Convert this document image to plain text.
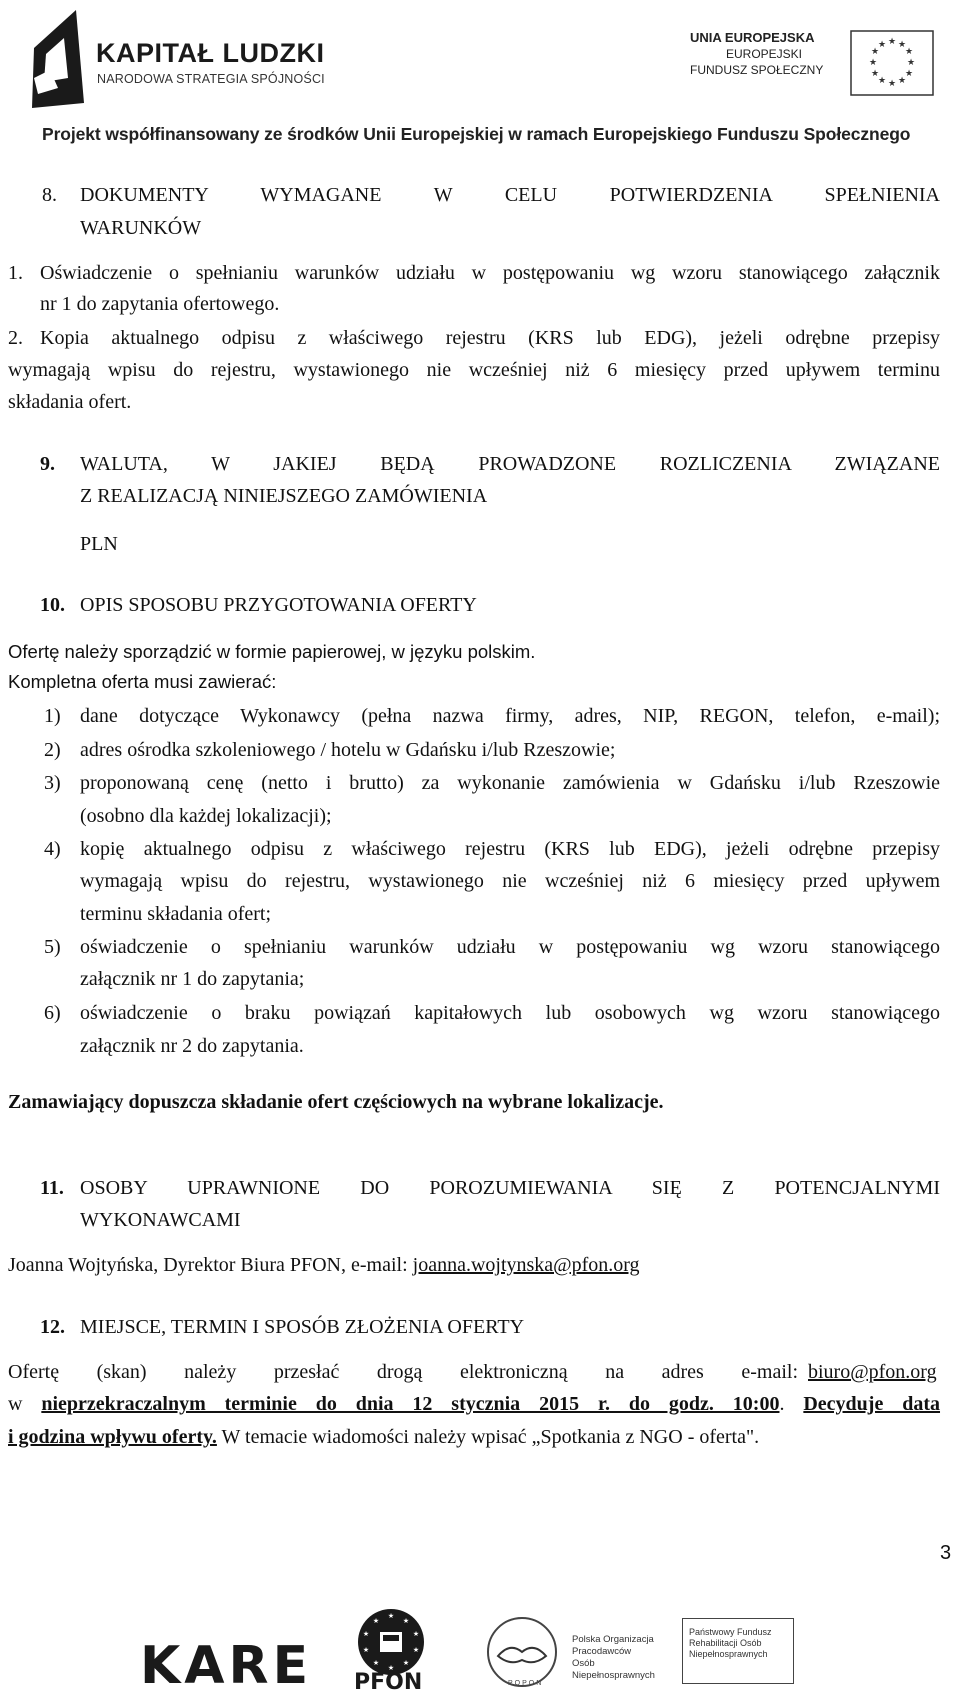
KAPITAŁ LUDZKI
NARODOWA STRATEGIA SPÓJNOŚCI
UNIA EUROPEJSKA
EUROPEJSKI
FUNDUSZ SPOŁECZNY
★ ★
★
★
★
★
★
★
★
★
★
★
Projekt współfinansowany ze środków Unii Europejskiej w ramach Europejskiego Funduszu Społecznego
8. DOKUMENTY WYMAGANE W CELU POTWIERDZENIA SPEŁNIENIA
WARUNKÓW
1. Oświadczenie o spełnianiu warunków udziału w postępowaniu wg wzoru stanowiącego załącznik
nr 1 do zapytania ofertowego.
2. Kopia aktualnego odpisu z właściwego rejestru (KRS lub EDG), jeżeli odrębne przepisy
wymagają wpisu do rejestru, wystawionego nie wcześniej niż 6 miesięcy przed upływem terminu
składania ofert.
9. WALUTA, W JAKIEJ BĘDĄ PROWADZONE ROZLICZENIA ZWIĄZANE
Z REALIZACJĄ NINIEJSZEGO ZAMÓWIENIA
PLN
10. OPIS SPOSOBU PRZYGOTOWANIA OFERTY
Ofertę należy sporządzić w formie papierowej, w języku polskim.
Kompletna oferta musi zawierać:
1) dane dotyczące Wykonawcy (pełna nazwa firmy, adres, NIP, REGON, telefon, e-mail);
2) adres ośrodka szkoleniowego / hotelu w Gdańsku i/lub Rzeszowie;
3) proponowaną cenę (netto i brutto) za wykonanie zamówienia w Gdańsku i/lub Rzeszowie
(osobno dla każdej lokalizacji);
4) kopię aktualnego odpisu z właściwego rejestru (KRS lub EDG), jeżeli odrębne przepisy
wymagają wpisu do rejestru, wystawionego nie wcześniej niż 6 miesięcy przed upływem
terminu składania ofert;
5) oświadczenie o spełnianiu warunków udziału w postępowaniu wg wzoru stanowiącego
załącznik nr 1 do zapytania;
6) oświadczenie o braku powiązań kapitałowych lub osobowych wg wzoru stanowiącego
załącznik nr 2 do zapytania.
Zamawiający dopuszcza składanie ofert częściowych na wybrane lokalizacje.
11. OSOBY UPRAWNIONE DO POROZUMIEWANIA SIĘ Z POTENCJALNYMI
WYKONAWCAMI
Joanna Wojtyńska, Dyrektor Biura PFON, e-mail: joanna.wojtynska@pfon.org
12. MIEJSCE, TERMIN I SPOSÓB ZŁOŻENIA OFERTY
Ofertę (skan) należy przesłać drogą elektroniczną na adres e-mail: biuro@pfon.org
w nieprzekraczalnym terminie do dnia 12 stycznia 2015 r. do godz. 10:00. Decyduje data
i godzina wpływu oferty. W temacie wiadomości należy wpisać „Spotkania z NGO - oferta".
3
KARE
★
★
★
★
★
★
★
★
★
★
PFON
Polska Organizacja
Pracodawców Osób
Niepełnosprawnych
POPON
Państwowy Fundusz
Rehabilitacji Osób
Niepełnosprawnych
